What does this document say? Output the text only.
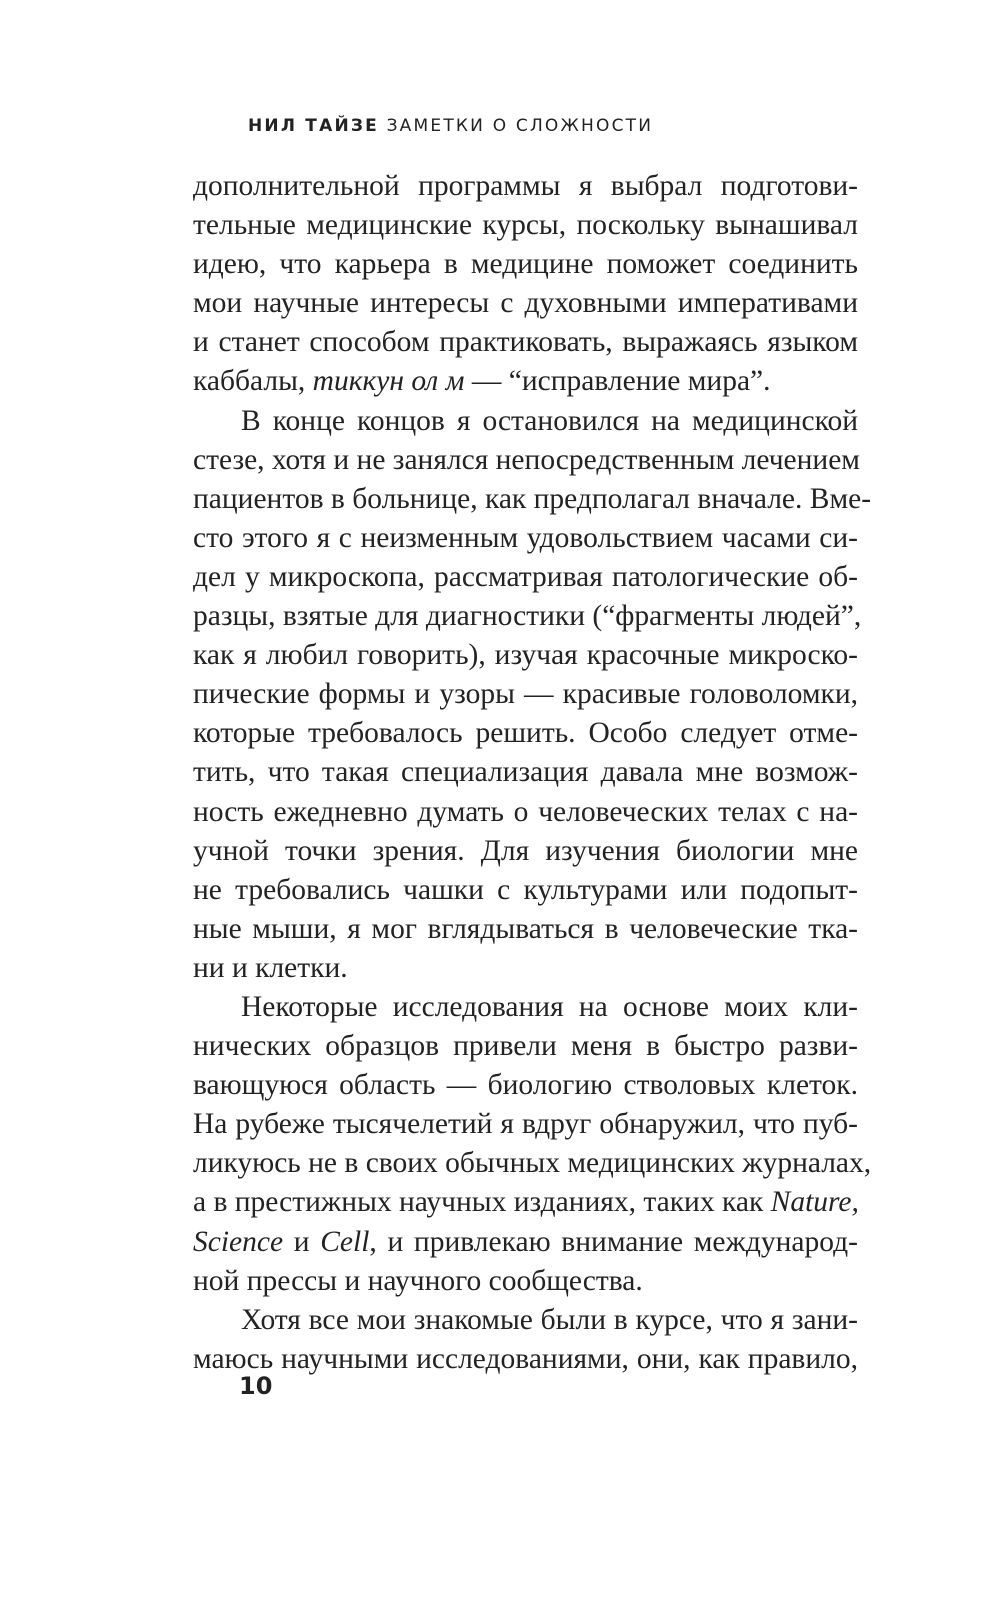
НИЛ ТАЙЗЕ ЗАМЕТКИ О СЛОЖНОСТИ
дополнительной программы я выбрал подготови-
тельные медицинские курсы, поскольку вынашивал
идею, что карьера в медицине поможет соединить
мои научные интересы с духовными императивами
и станет способом практиковать, выражаясь языком
каббалы, тиккун ол м — “исправление мира”.
В конце концов я остановился на медицинской
стезе, хотя и не занялся непосредственным лечением
пациентов в больнице, как предполагал вначале. Вме-
сто этого я с неизменным удовольствием часами си-
дел у микроскопа, рассматривая патологические об-
разцы, взятые для диагностики (“фрагменты людей”,
как я любил говорить), изучая красочные микроско-
пические формы и узоры — красивые головоломки,
которые требовалось решить. Особо следует отме-
тить, что такая специализация давала мне возмож-
ность ежедневно думать о человеческих телах с на-
учной точки зрения. Для изучения биологии мне
не требовались чашки с культурами или подопыт-
ные мыши, я мог вглядываться в человеческие тка-
ни и клетки.
Некоторые исследования на основе моих кли-
нических образцов привели меня в быстро разви-
вающуюся область — биологию стволовых клеток.
На рубеже тысячелетий я вдруг обнаружил, что пуб-
ликуюсь не в своих обычных медицинских журналах,
а в престижных научных изданиях, таких как Nature,
Science и Cell, и привлекаю внимание международ-
ной прессы и научного сообщества.
Хотя все мои знакомые были в курсе, что я зани-
маюсь научными исследованиями, они, как правило,
10
